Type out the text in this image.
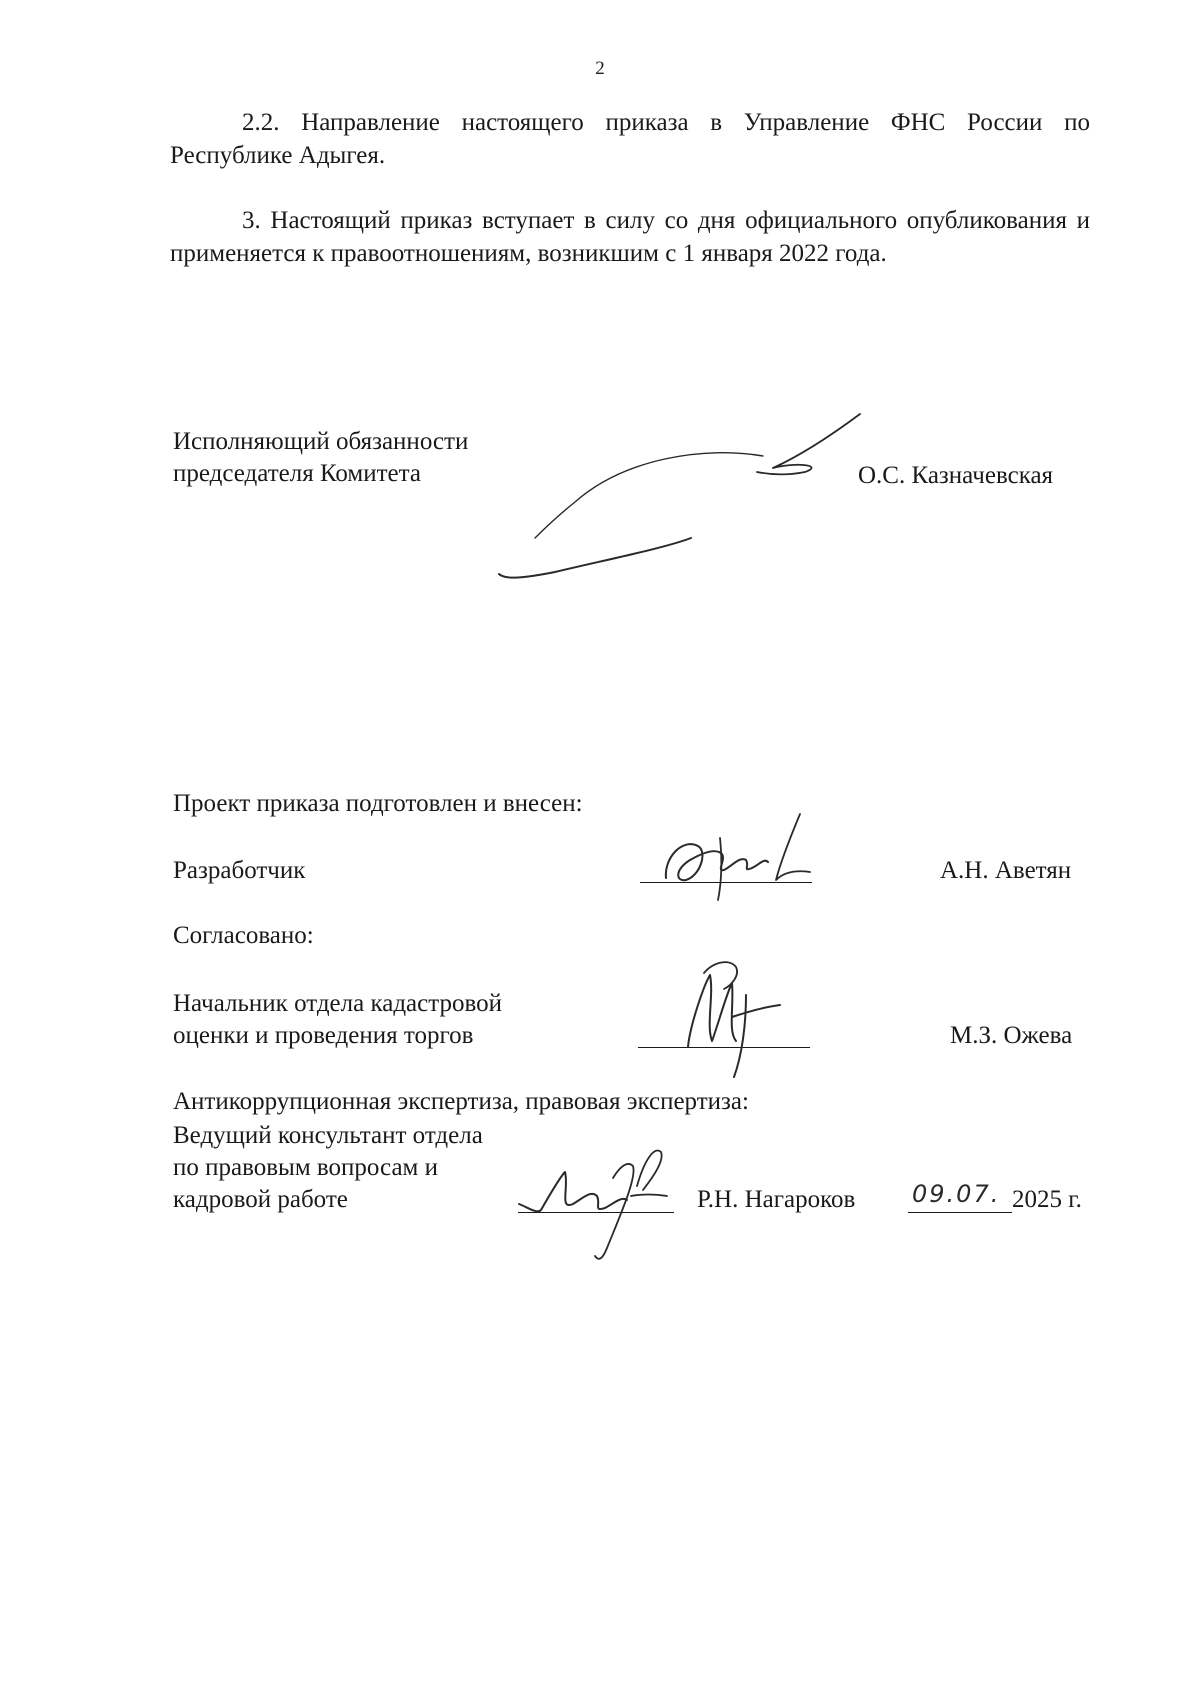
2
2.2. Направление настоящего приказа в Управление ФНС России по Республике Адыгея.
3. Настоящий приказ вступает в силу со дня официального опубликования и применяется к правоотношениям, возникшим с 1 января 2022 года.
Исполняющий обязанности
председателя Комитета	О.С. Казначевская
Проект приказа подготовлен и внесен:
Разработчик	А.Н. Аветян
Согласовано:
Начальник отдела кадастровой
оценки и проведения торгов	М.З. Ожева
Антикоррупционная экспертиза, правовая экспертиза:
Ведущий консультант отдела
по правовым вопросам и
кадровой работе	Р.Н. Нагароков 09.07. 2025 г.
